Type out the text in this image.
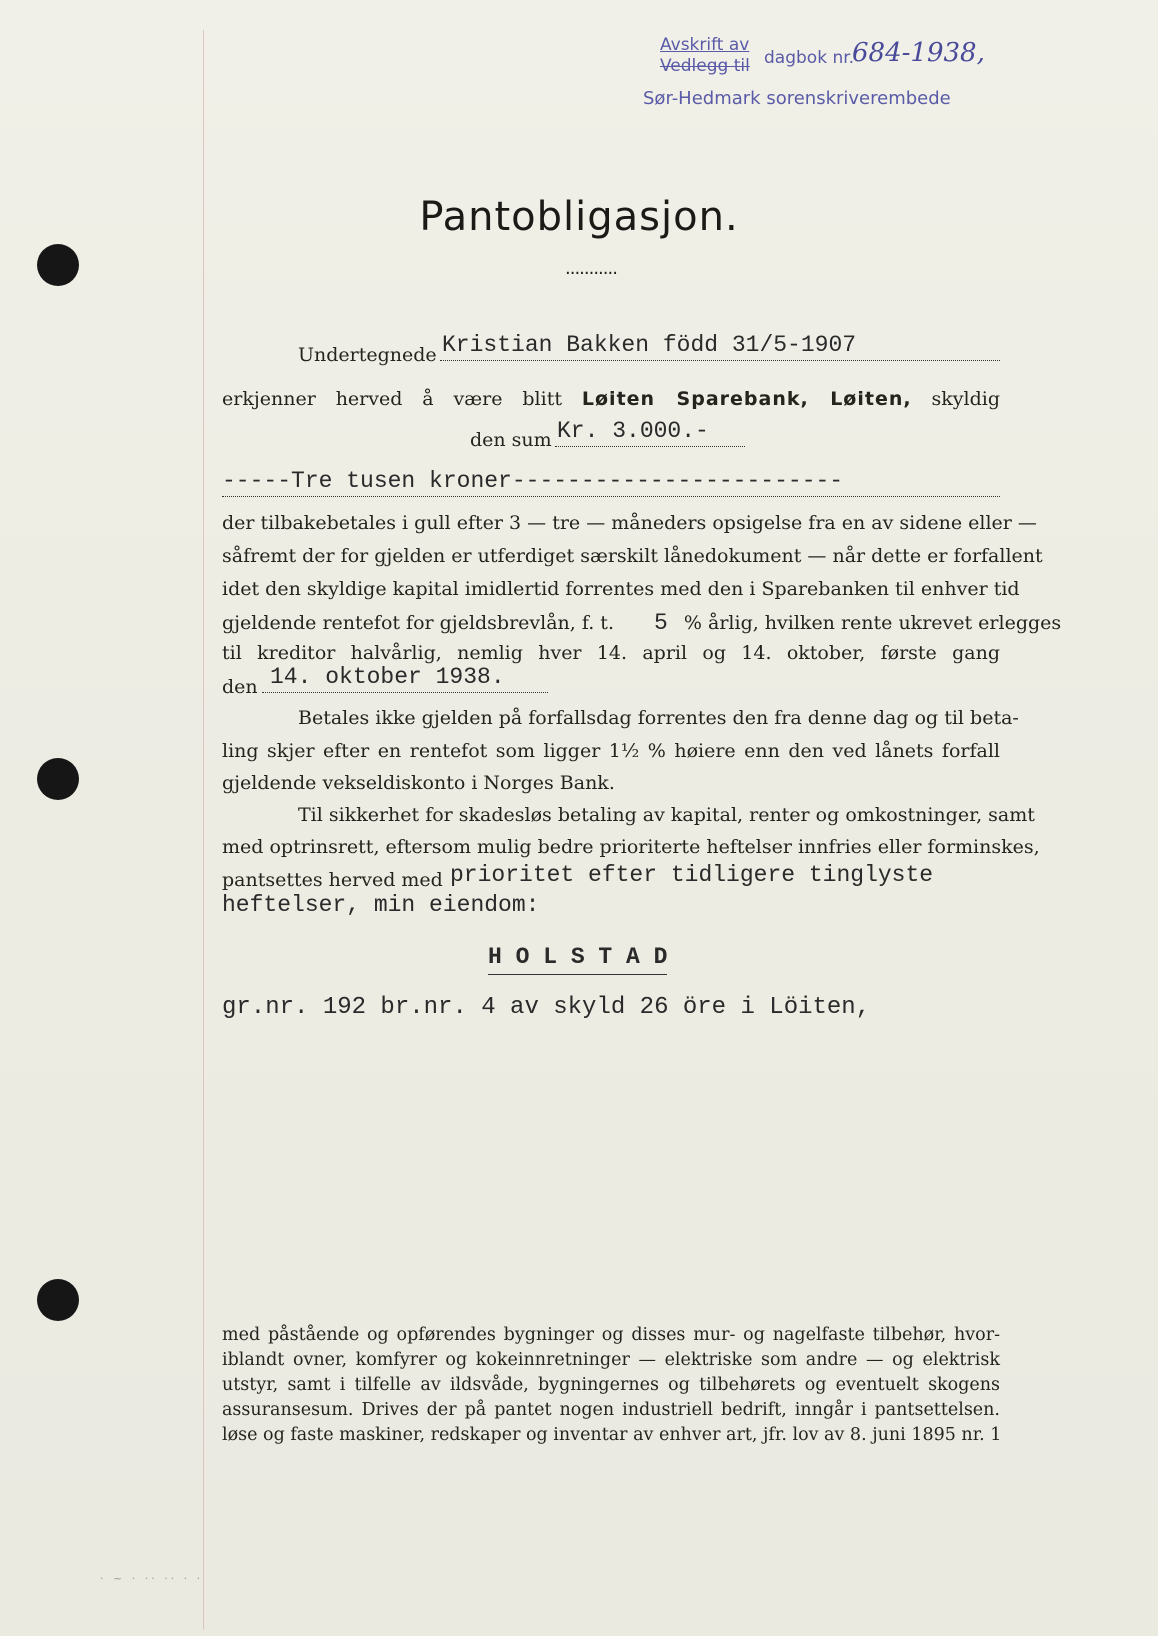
Avskrift av
Vedlegg til dagbok nr.
684-1938,
Sør-Hedmark sorenskriverembede
Pantobligasjon.
...........
Undertegnede Kristian Bakken född 31/5-1907
erkjenner herved å være blitt Løiten Sparebank, Løiten, skyldig
den sum Kr. 3.000.-
-----Tre tusen kroner------------------------
der tilbakebetales i gull efter 3 — tre — måneders opsigelse fra en av sidene eller —
såfremt der for gjelden er utferdiget særskilt lånedokument — når dette er forfallent
idet den skyldige kapital imidlertid forrentes med den i Sparebanken til enhver tid
gjeldende rentefot for gjeldsbrevlån, f. t. 5 % årlig, hvilken rente ukrevet erlegges
til kreditor halvårlig, nemlig hver 14. april og 14. oktober, første gang
den 14. oktober 1938.
Betales ikke gjelden på forfallsdag forrentes den fra denne dag og til beta-
ling skjer efter en rentefot som ligger 1½ % høiere enn den ved lånets forfall
gjeldende vekseldiskonto i Norges Bank.
Til sikkerhet for skadesløs betaling av kapital, renter og omkostninger, samt
med optrinsrett, eftersom mulig bedre prioriterte heftelser innfries eller forminskes,
pantsettes herved med prioritet efter tidligere tinglyste
heftelser, min eiendom:
H O L S T A D
gr.nr. 192 br.nr. 4 av skyld 26 öre i Löiten,
med påstående og opførendes bygninger og disses mur- og nagelfaste tilbehør, hvor-
iblandt ovner, komfyrer og kokeinnretninger — elektriske som andre — og elektrisk
utstyr, samt i tilfelle av ildsvåde, bygningernes og tilbehørets og eventuelt skogens
assuransesum. Drives der på pantet nogen industriell bedrift, inngår i pantsettelsen.
løse og faste maskiner, redskaper og inventar av enhver art, jfr. lov av 8. juni 1895 nr. 1
· ~ · ·· ·· · ·
